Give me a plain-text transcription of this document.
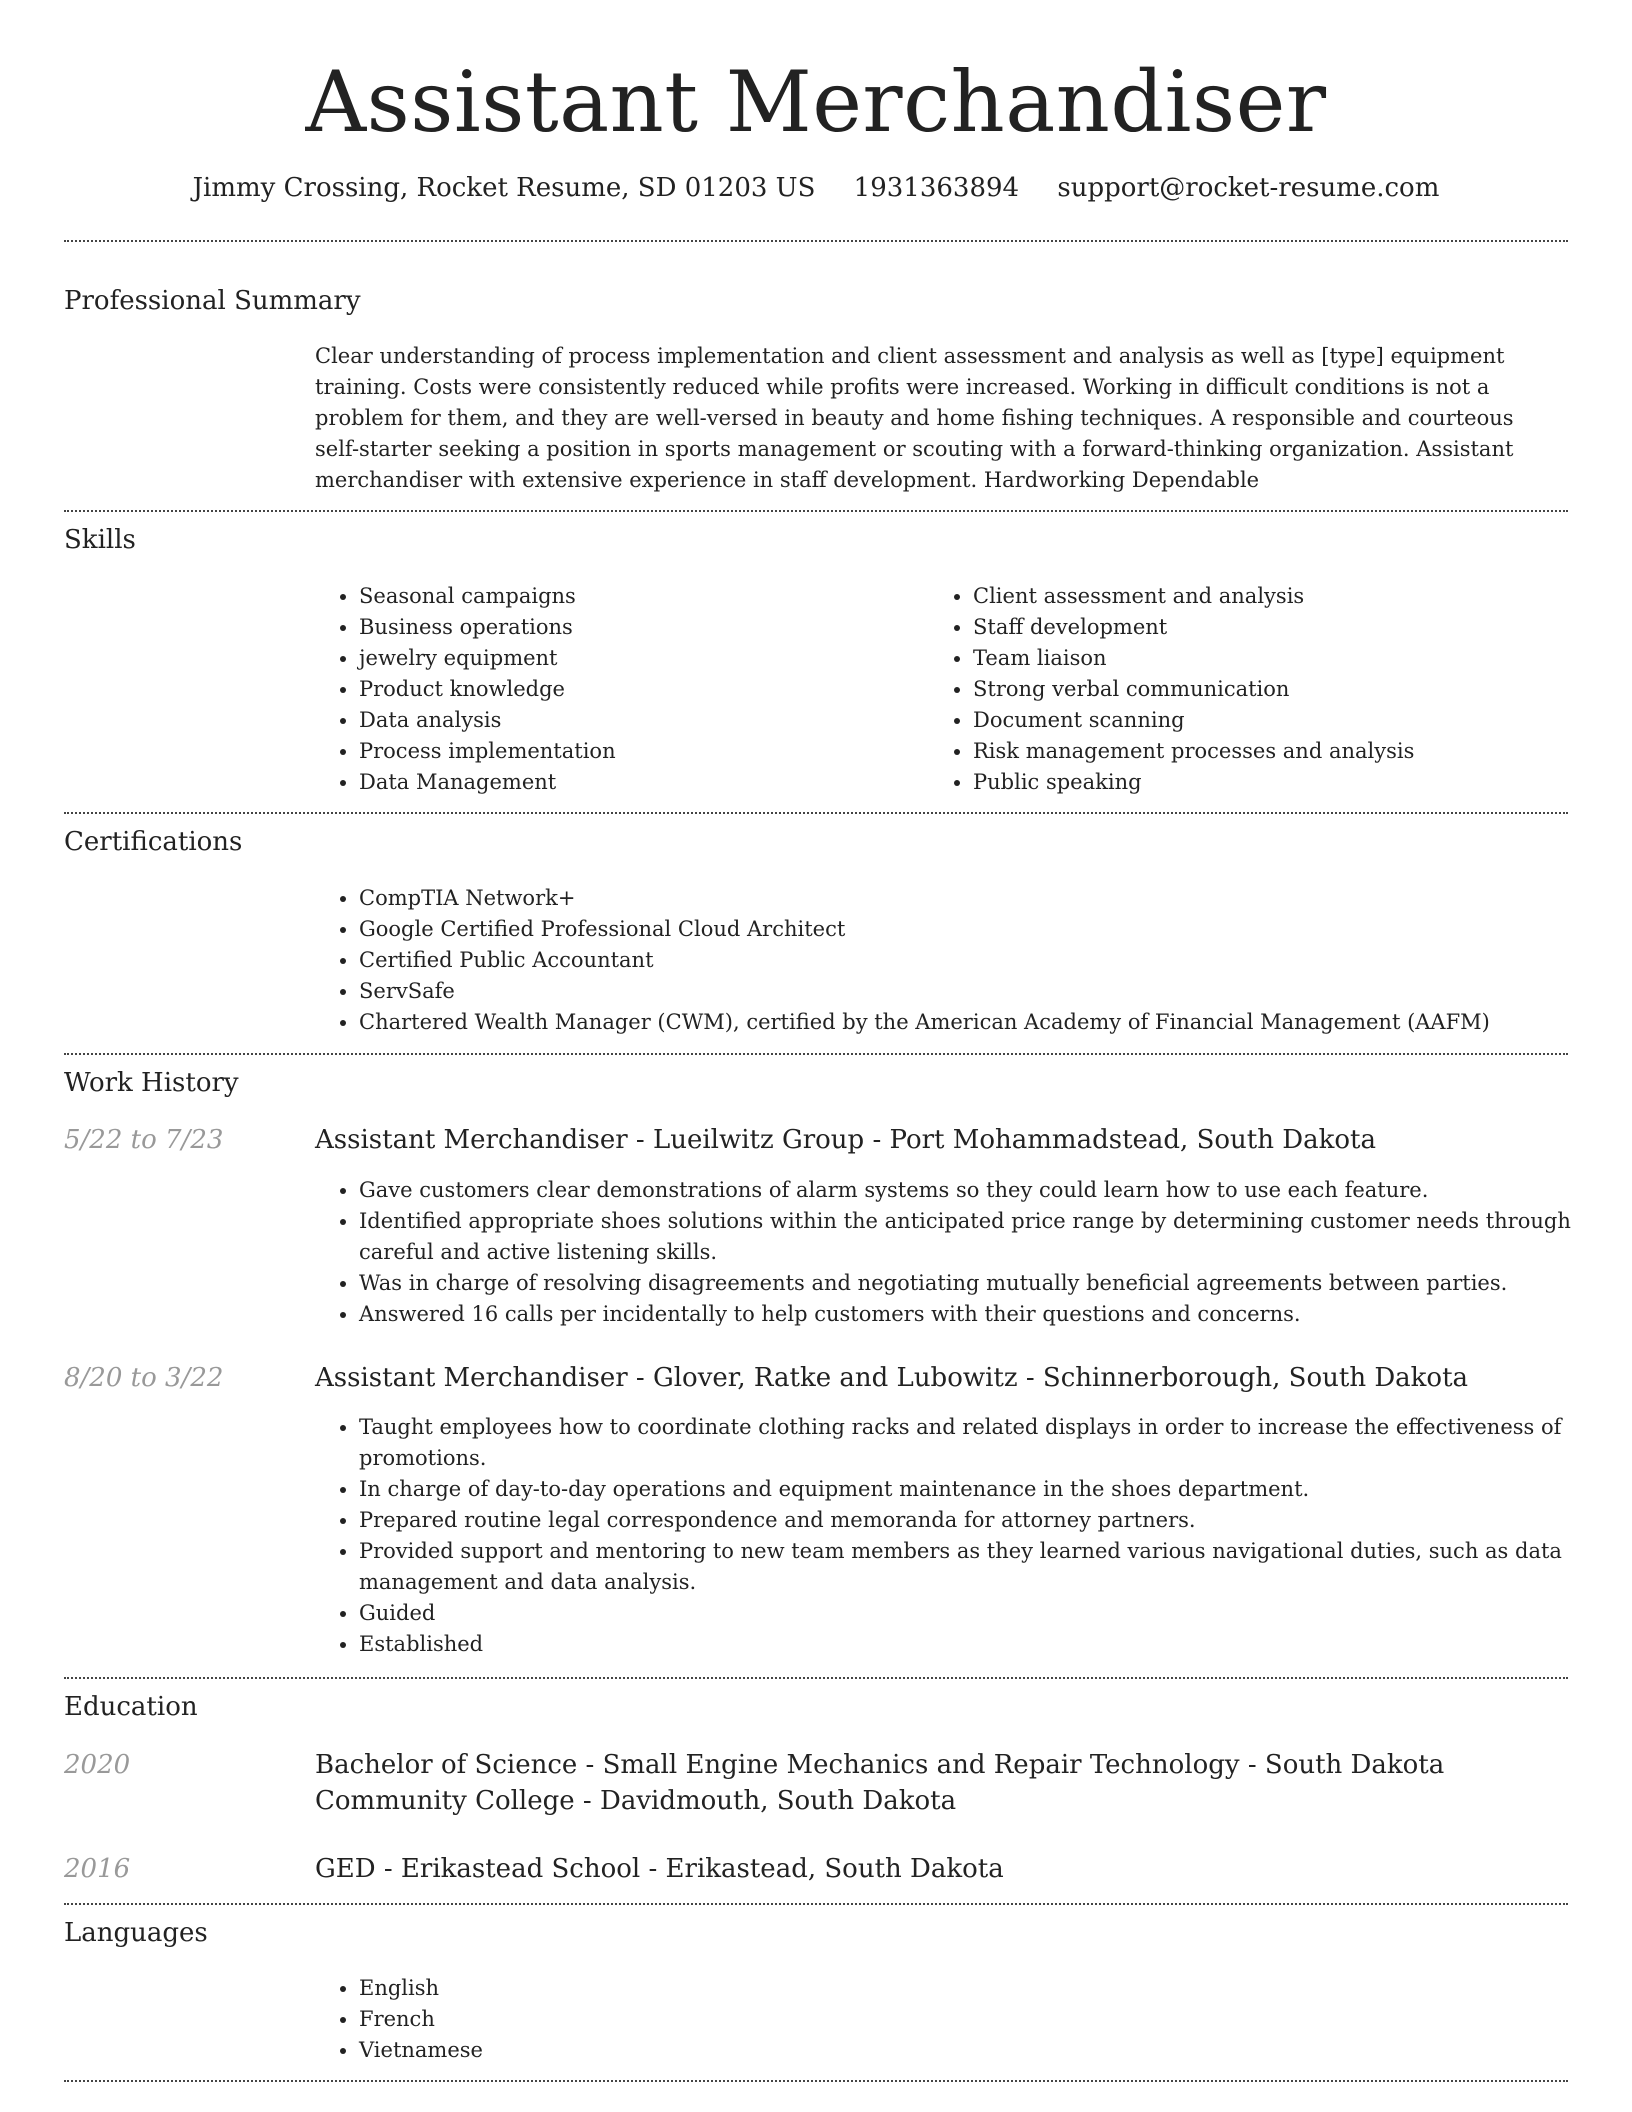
Assistant Merchandiser
Jimmy Crossing, Rocket Resume, SD 01203 US 1931363894 support@rocket-resume.com
Professional Summary
Clear understanding of process implementation and client assessment and analysis as well as [type] equipment training. Costs were consistently reduced while profits were increased. Working in difficult conditions is not a problem for them, and they are well-versed in beauty and home fishing techniques. A responsible and courteous self-starter seeking a position in sports management or scouting with a forward-thinking organization. Assistant merchandiser with extensive experience in staff development. Hardworking Dependable
Skills
• Seasonal campaigns
• Business operations
• jewelry equipment
• Product knowledge
• Data analysis
• Process implementation
• Data Management
• Client assessment and analysis
• Staff development
• Team liaison
• Strong verbal communication
• Document scanning
• Risk management processes and analysis
• Public speaking
Certifications
• CompTIA Network+
• Google Certified Professional Cloud Architect
• Certified Public Accountant
• ServSafe
• Chartered Wealth Manager (CWM), certified by the American Academy of Financial Management (AAFM)
Work History
5/22 to 7/23	Assistant Merchandiser - Lueilwitz Group - Port Mohammadstead, South Dakota
• Gave customers clear demonstrations of alarm systems so they could learn how to use each feature.
• Identified appropriate shoes solutions within the anticipated price range by determining customer needs through careful and active listening skills.
• Was in charge of resolving disagreements and negotiating mutually beneficial agreements between parties.
• Answered 16 calls per incidentally to help customers with their questions and concerns.
8/20 to 3/22	Assistant Merchandiser - Glover, Ratke and Lubowitz - Schinnerborough, South Dakota
• Taught employees how to coordinate clothing racks and related displays in order to increase the effectiveness of promotions.
• In charge of day-to-day operations and equipment maintenance in the shoes department.
• Prepared routine legal correspondence and memoranda for attorney partners.
• Provided support and mentoring to new team members as they learned various navigational duties, such as data management and data analysis.
• Guided
• Established
Education
2020	Bachelor of Science - Small Engine Mechanics and Repair Technology - South Dakota Community College - Davidmouth, South Dakota
2016	GED - Erikastead School - Erikastead, South Dakota
Languages
• English
• French
• Vietnamese
